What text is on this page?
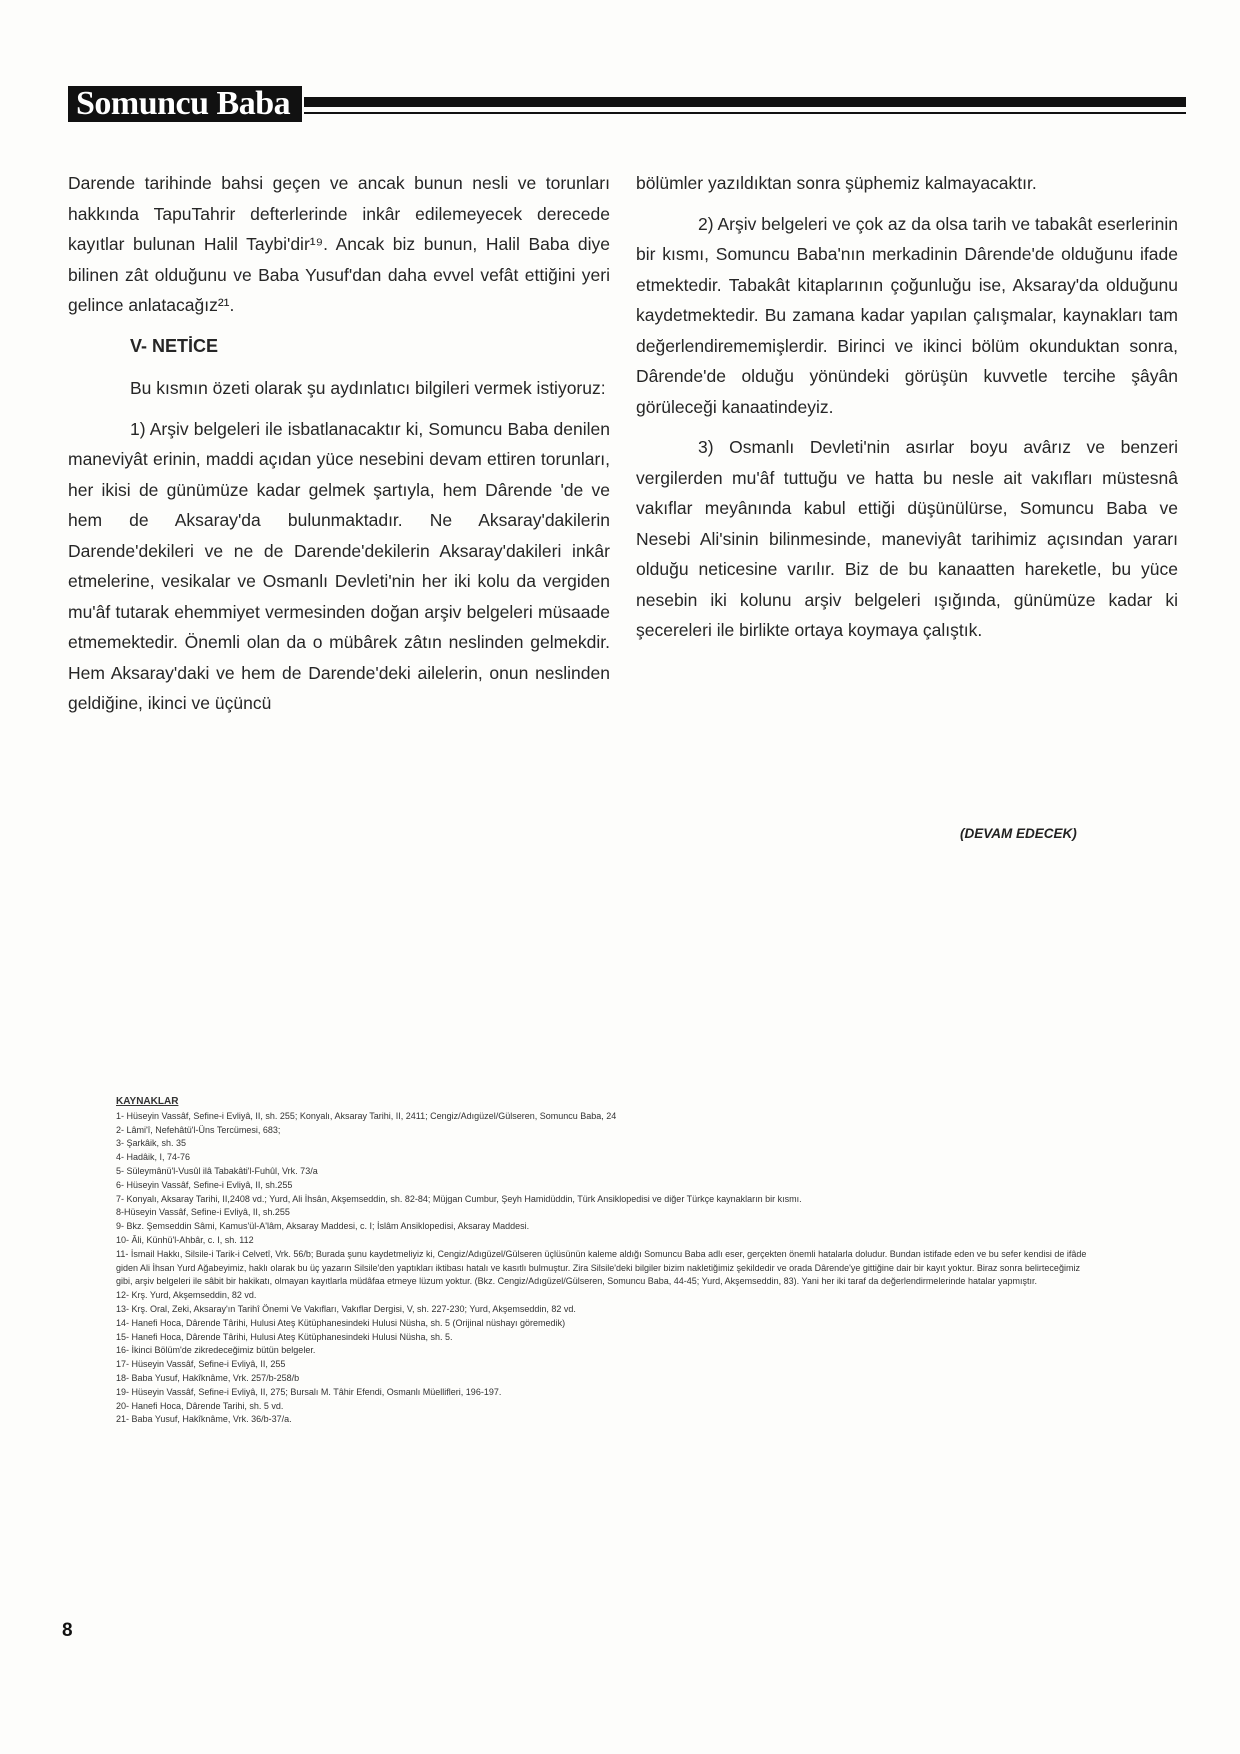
Somuncu Baba

Darende tarihinde bahsi geçen ve ancak bunun nesli ve torunları hakkında TapuTahrir defterlerinde inkâr edilemeyecek derecede kayıtlar bulunan Halil Taybi'dir¹⁹. Ancak biz bunun, Halil Baba diye bilinen zât olduğunu ve Baba Yusuf'dan daha evvel vefât ettiğini yeri gelince anlatacağız²¹.

V- NETİCE

Bu kısmın özeti olarak şu aydınlatıcı bilgileri vermek istiyoruz:

1) Arşiv belgeleri ile isbatlanacaktır ki, Somuncu Baba denilen maneviyât erinin, maddi açıdan yüce nesebini devam ettiren torunları, her ikisi de günümüze kadar gelmek şartıyla, hem Dârende 'de ve hem de Aksaray'da bulunmaktadır. Ne Aksaray'dakilerin Darende'dekileri ve ne de Darende'dekilerin Aksaray'dakileri inkâr etmelerine, vesikalar ve Osmanlı Devleti'nin her iki kolu da vergiden mu'âf tutarak ehemmiyet vermesinden doğan arşiv belgeleri müsaade etmemektedir. Önemli olan da o mübârek zâtın neslinden gelmekdir. Hem Aksaray'daki ve hem de Darende'deki ailelerin, onun neslinden geldiğine, ikinci ve üçüncü

bölümler yazıldıktan sonra şüphemiz kalmayacaktır.

2) Arşiv belgeleri ve çok az da olsa tarih ve tabakât eserlerinin bir kısmı, Somuncu Baba'nın merkadinin Dârende'de olduğunu ifade etmektedir. Tabakât kitaplarının çoğunluğu ise, Aksaray'da olduğunu kaydetmektedir. Bu zamana kadar yapılan çalışmalar, kaynakları tam değerlendirememişlerdir. Birinci ve ikinci bölüm okunduktan sonra, Dârende'de olduğu yönündeki görüşün kuvvetle tercihe şâyân görüleceği kanaatindeyiz.

3) Osmanlı Devleti'nin asırlar boyu avârız ve benzeri vergilerden mu'âf tuttuğu ve hatta bu nesle ait vakıfları müstesnâ vakıflar meyânında kabul ettiği düşünülürse, Somuncu Baba ve Nesebi Ali'sinin bilinmesinde, maneviyât tarihimiz açısından yararı olduğu neticesine varılır. Biz de bu kanaatten hareketle, bu yüce nesebin iki kolunu arşiv belgeleri ışığında, günümüze kadar ki şecereleri ile birlikte ortaya koymaya çalıştık.

(DEVAM EDECEK)
KAYNAKLAR
1- Hüseyin Vassâf, Sefine-i Evliyâ, II, sh. 255; Konyalı, Aksaray Tarihi, II, 2411; Cengiz/Adıgüzel/Gülseren, Somuncu Baba, 24
2- Lâmi'î, Nefehâtü'l-Üns Tercümesi, 683;
3- Şarkâik, sh. 35
4- Hadâik, I, 74-76
5- Süleymânü'l-Vusûl ilâ Tabakâti'l-Fuhûl, Vrk. 73/a
6- Hüseyin Vassâf, Sefine-i Evliyâ, II, sh.255
7- Konyalı, Aksaray Tarihi, II,2408 vd.; Yurd, Ali İhsân, Akşemseddin, sh. 82-84; Müjgan Cumbur, Şeyh Hamidüddin, Türk Ansiklopedisi ve diğer Türkçe kaynakların bir kısmı.
8-Hüseyin Vassâf, Sefine-i Evliyâ, II, sh.255
9- Bkz. Şemseddin Sâmi, Kamus'ül-A'lâm, Aksaray Maddesi, c. I; İslâm Ansiklopedisi, Aksaray Maddesi.
10- Âli, Künhü'l-Ahbâr, c. I, sh. 112
11- İsmail Hakkı, Silsile-i Tarik-i Celvetî, Vrk. 56/b; Burada şunu kaydetmeliyiz ki, Cengiz/Adıgüzel/Gülseren üçlüsünün kaleme aldığı Somuncu Baba adlı eser, gerçekten önemli hatalarla doludur. Bundan istifade eden ve bu sefer kendisi de ifâde giden Ali İhsan Yurd Ağabeyimiz, haklı olarak bu üç yazarın Silsile'den yaptıkları iktibası hatalı ve kasıtlı bulmuştur. Zira Silsile'deki bilgiler bizim nakletiğimiz şekildedir ve orada Dârende'ye gittiğine dair bir kayıt yoktur. Biraz sonra belirteceğimiz gibi, arşiv belgeleri ile sâbit bir hakikatı, olmayan kayıtlarla müdâfaa etmeye lüzum yoktur. (Bkz. Cengiz/Adıgüzel/Gülseren, Somuncu Baba, 44-45; Yurd, Akşemseddin, 83). Yani her iki taraf da değerlendirmelerinde hatalar yapmıştır.
12- Krş. Yurd, Akşemseddin, 82 vd.
13- Krş. Oral, Zeki, Aksaray'ın Tarihî Önemi Ve Vakıfları, Vakıflar Dergisi, V, sh. 227-230; Yurd, Akşemseddin, 82 vd.
14- Hanefi Hoca, Dârende Târihi, Hulusi Ateş Kütüphanesindeki Hulusi Nüsha, sh. 5 (Orijinal nüshayı göremedik)
15- Hanefi Hoca, Dârende Târihi, Hulusi Ateş Kütüphanesindeki Hulusi Nüsha, sh. 5.
16- İkinci Bölüm'de zikredeceğimiz bütün belgeler.
17- Hüseyin Vassâf, Sefine-i Evliyâ, II, 255
18- Baba Yusuf, Hakîknâme, Vrk. 257/b-258/b
19- Hüseyin Vassâf, Sefine-i Evliyâ, II, 275; Bursalı M. Tâhir Efendi, Osmanlı Müellifleri, 196-197.
20- Hanefi Hoca, Dârende Tarihi, sh. 5 vd.
21- Baba Yusuf, Hakîknâme, Vrk. 36/b-37/a.
8
